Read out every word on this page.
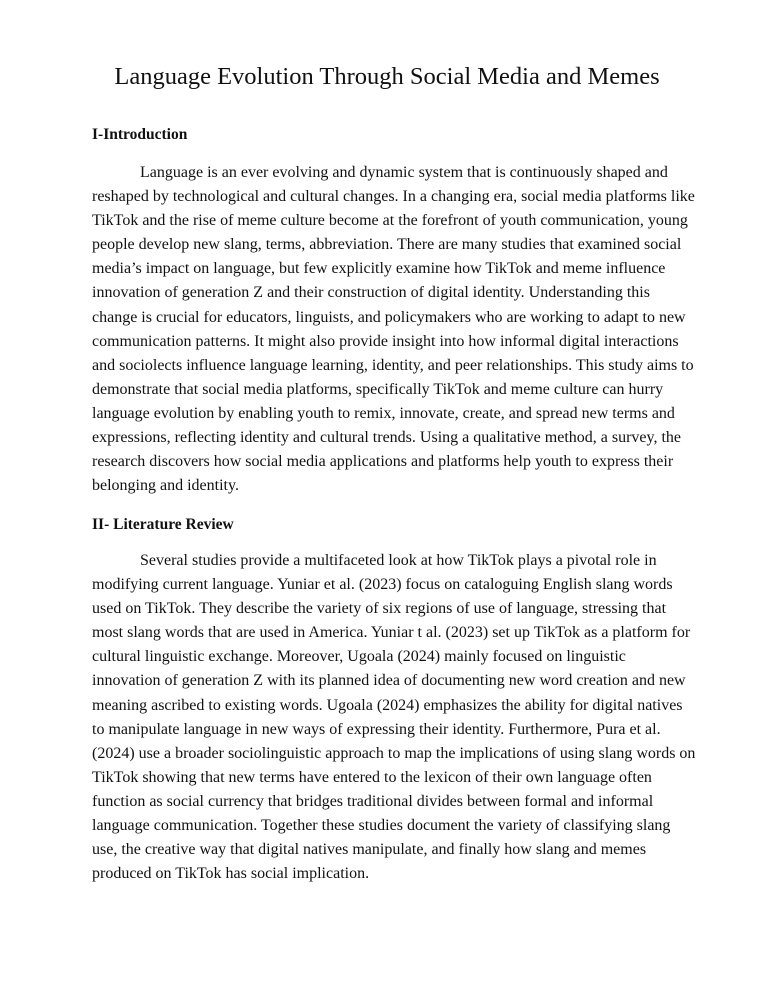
Language Evolution Through Social Media and Memes
I-Introduction
Language is an ever evolving and dynamic system that is continuously shaped and
reshaped by technological and cultural changes. In a changing era, social media platforms like
TikTok and the rise of meme culture become at the forefront of youth communication, young
people develop new slang, terms, abbreviation. There are many studies that examined social
media’s impact on language, but few explicitly examine how TikTok and meme influence
innovation of generation Z and their construction of digital identity. Understanding this
change is crucial for educators, linguists, and policymakers who are working to adapt to new
communication patterns. It might also provide insight into how informal digital interactions
and sociolects influence language learning, identity, and peer relationships. This study aims to
demonstrate that social media platforms, specifically TikTok and meme culture can hurry
language evolution by enabling youth to remix, innovate, create, and spread new terms and
expressions, reflecting identity and cultural trends. Using a qualitative method, a survey, the
research discovers how social media applications and platforms help youth to express their
belonging and identity.
II- Literature Review
Several studies provide a multifaceted look at how TikTok plays a pivotal role in
modifying current language. Yuniar et al. (2023) focus on cataloguing English slang words
used on TikTok. They describe the variety of six regions of use of language, stressing that
most slang words that are used in America. Yuniar t al. (2023) set up TikTok as a platform for
cultural linguistic exchange. Moreover, Ugoala (2024) mainly focused on linguistic
innovation of generation Z with its planned idea of documenting new word creation and new
meaning ascribed to existing words. Ugoala (2024) emphasizes the ability for digital natives
to manipulate language in new ways of expressing their identity. Furthermore, Pura et al.
(2024) use a broader sociolinguistic approach to map the implications of using slang words on
TikTok showing that new terms have entered to the lexicon of their own language often
function as social currency that bridges traditional divides between formal and informal
language communication. Together these studies document the variety of classifying slang
use, the creative way that digital natives manipulate, and finally how slang and memes
produced on TikTok has social implication.
